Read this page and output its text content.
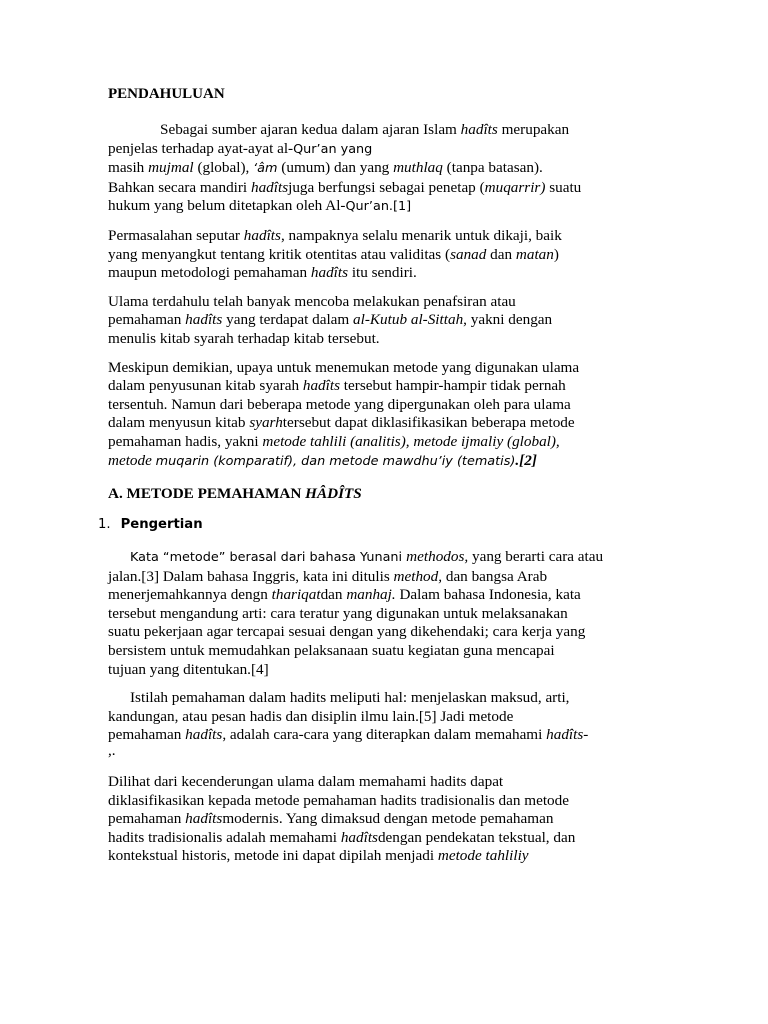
PENDAHULUAN

Sebagai sumber ajaran kedua dalam ajaran Islam hadîts merupakan

penjelas terhadap ayat-ayat al-Qur’an yang

masih mujmal (global), ‘âm (umum) dan yang muthlaq (tanpa batasan).

Bahkan secara mandiri hadîtsjuga berfungsi sebagai penetap (muqarrir) suatu

hukum yang belum ditetapkan oleh Al-Qur’an.[1]

Permasalahan seputar hadîts, nampaknya selalu menarik untuk dikaji, baik

yang menyangkut tentang kritik otentitas atau validitas (sanad dan matan)

maupun metodologi pemahaman hadîts itu sendiri.

Ulama terdahulu telah banyak mencoba melakukan penafsiran atau

pemahaman hadîts yang terdapat dalam al-Kutub al-Sittah, yakni dengan

menulis kitab syarah terhadap kitab tersebut.

Meskipun demikian, upaya untuk menemukan metode yang digunakan ulama

dalam penyusunan kitab syarah hadîts tersebut hampir-hampir tidak pernah

tersentuh. Namun dari beberapa metode yang dipergunakan oleh para ulama

dalam menyusun kitab syarhtersebut dapat diklasifikasikan beberapa metode

pemahaman hadis, yakni metode tahlili (analitis), metode ijmaliy (global),

metode muqarin (komparatif), dan metode mawdhu’iy (tematis).[2]

A. METODE PEMAHAMAN HÂDÎTS

1. Pengertian

Kata “metode” berasal dari bahasa Yunani methodos, yang berarti cara atau

jalan.[3] Dalam bahasa Inggris, kata ini ditulis method, dan bangsa Arab

menerjemahkannya dengn thariqatdan manhaj. Dalam bahasa Indonesia, kata

tersebut mengandung arti: cara teratur yang digunakan untuk melaksanakan

suatu pekerjaan agar tercapai sesuai dengan yang dikehendaki; cara kerja yang

bersistem untuk memudahkan pelaksanaan suatu kegiatan guna mencapai

tujuan yang ditentukan.[4]

Istilah pemahaman dalam hadits meliputi hal: menjelaskan maksud, arti,

kandungan, atau pesan hadis dan disiplin ilmu lain.[5] Jadi metode

pemahaman hadîts, adalah cara-cara yang diterapkan dalam memahami hadîts-

,.

Dilihat dari kecenderungan ulama dalam memahami hadits dapat

diklasifikasikan kepada metode pemahaman hadits tradisionalis dan metode

pemahaman hadîtsmodernis. Yang dimaksud dengan metode pemahaman

hadits tradisionalis adalah memahami hadîtsdengan pendekatan tekstual, dan

kontekstual historis, metode ini dapat dipilah menjadi metode tahliliy
